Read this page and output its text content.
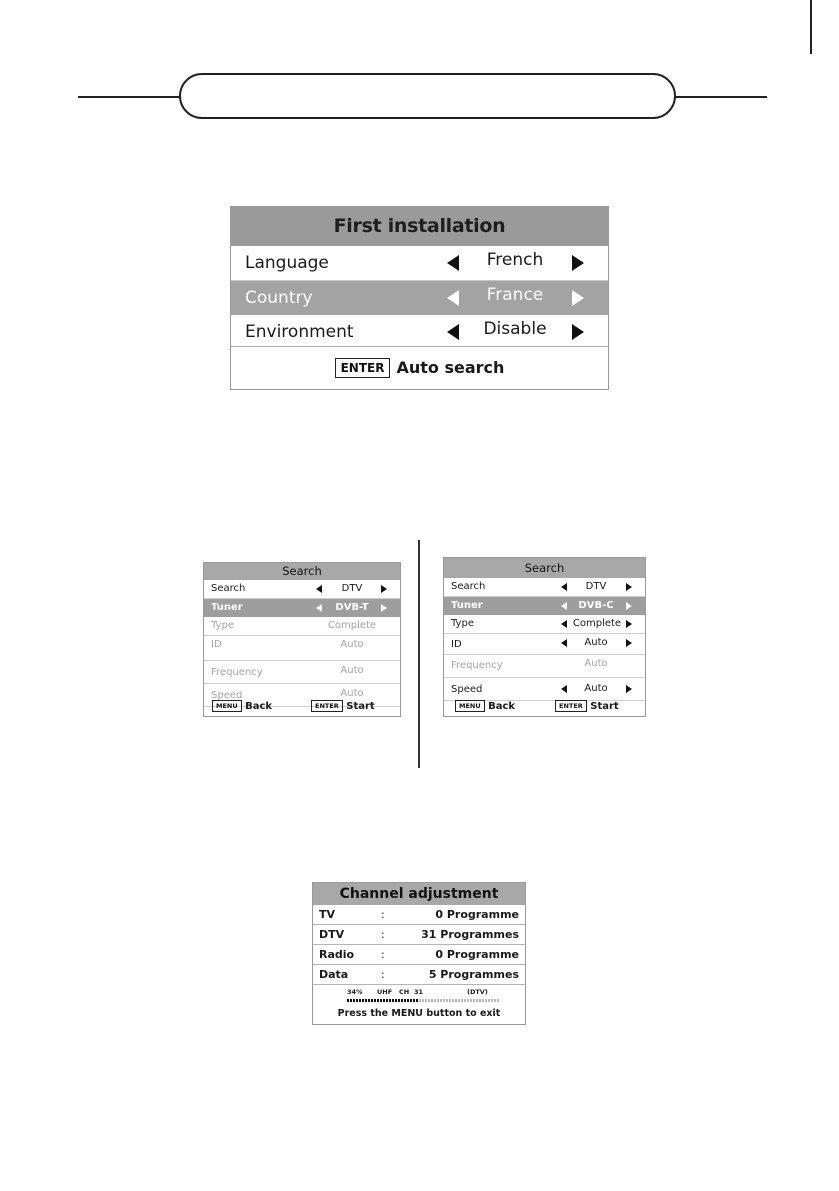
First installation
Language	French
Country	France
Environment	Disable
ENTER Auto search
Search
Search	DTV
Tuner	DVB-T
Type	Complete
ID	Auto
Frequency	Auto
Speed	Auto
MENU Back	ENTER Start
Search
Search	DTV
Tuner	DVB-C
Type	Complete
ID	Auto
Frequency	Auto
Speed	Auto
MENU Back	ENTER Start
Channel adjustment
TV	:	0 Programme
DTV	:	31 Programmes
Radio :	0 Programme
Data	:	5 Programmes
34% UHF CH 31	(DTV)
Press the MENU button to exit
